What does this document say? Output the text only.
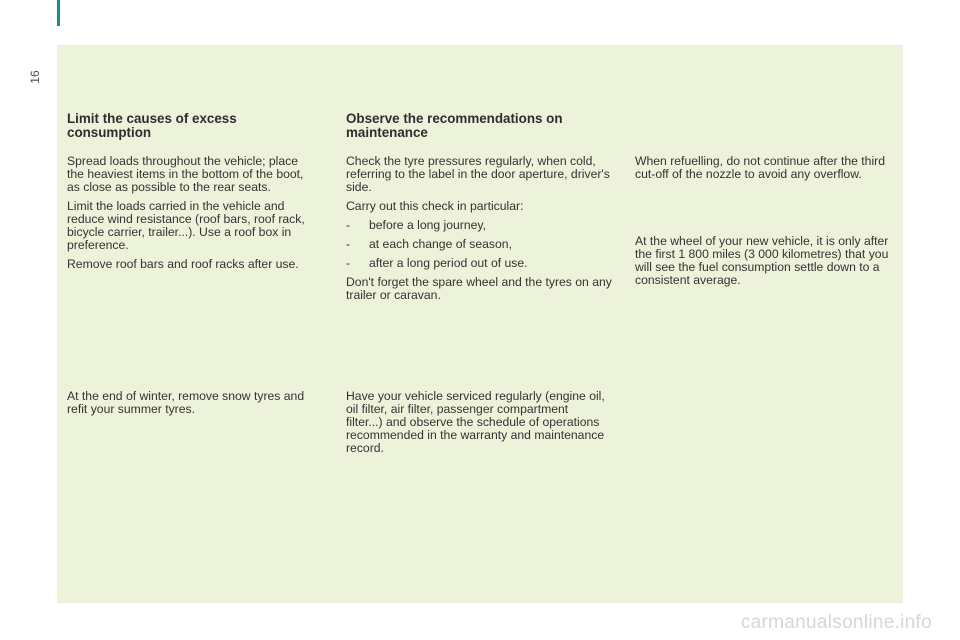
16
Limit the causes of excess consumption

Spread loads throughout the vehicle; place the heaviest items in the bottom of the boot, as close as possible to the rear seats.

Limit the loads carried in the vehicle and reduce wind resistance (roof bars, roof rack, bicycle carrier, trailer...). Use a roof box in preference.

Remove roof bars and roof racks after use.

At the end of winter, remove snow tyres and refit your summer tyres.

Observe the recommendations on maintenance

Check the tyre pressures regularly, when cold, referring to the label in the door aperture, driver's side.

Carry out this check in particular:

-	before a long journey,
-	at each change of season,
-	after a long period out of use.

Don't forget the spare wheel and the tyres on any trailer or caravan.

Have your vehicle serviced regularly (engine oil, oil filter, air filter, passenger compartment filter...) and observe the schedule of operations recommended in the warranty and maintenance record.

When refuelling, do not continue after the third cut-off of the nozzle to avoid any overflow.

At the wheel of your new vehicle, it is only after the first 1 800 miles (3 000 kilometres) that you will see the fuel consumption settle down to a consistent average.

carmanualsonline.info
